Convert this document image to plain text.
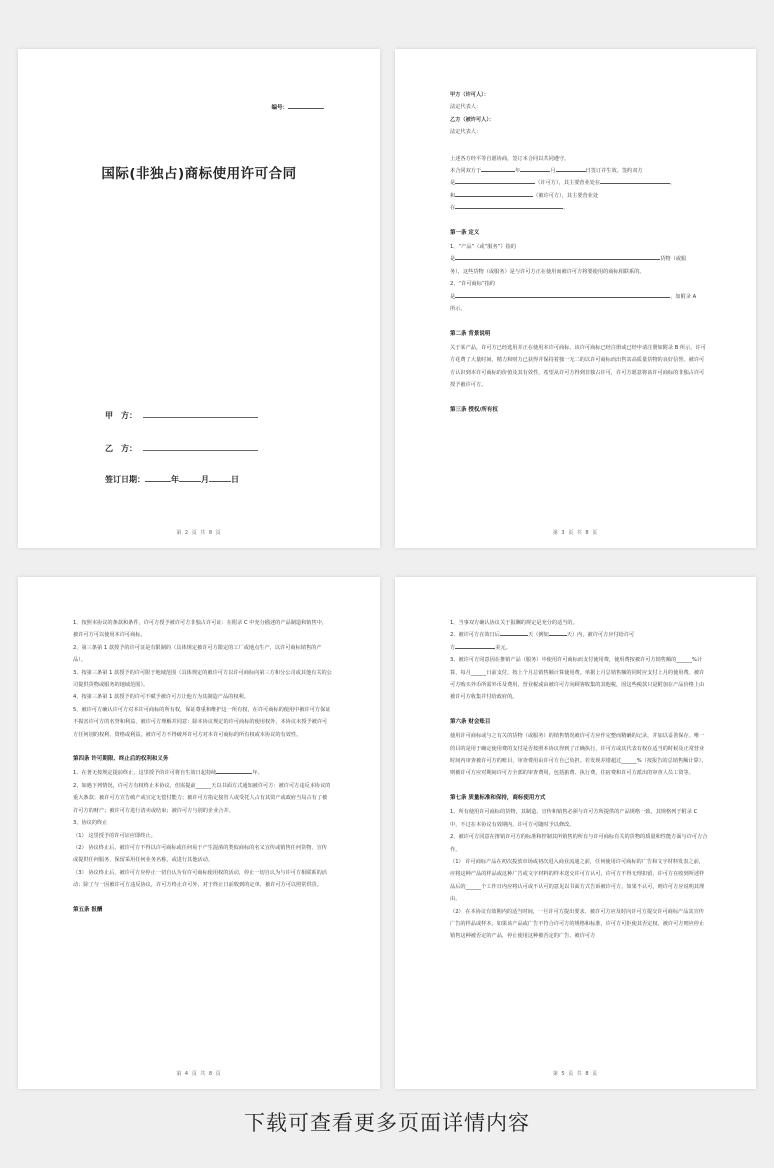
编号：
国际(非独占)商标使用许可合同
甲　方：
乙　方：
签订日期：	年	月	日
第 2 页 共 8 页

甲方（许可人）：

法定代表人：

乙方（被许可人）：

法定代表人：

上述各方经平等自愿协商，签订本合同以共同遵守。

本合同双方于	年	月	日签订并生效。签约双方

是	（许可方），其主要营业处在	。

和	（被许可方），其主要营业处

在	。

第一条 定义

1、“产品”（或“服务”）指的

是	货物（或服

务），这些货物（或服务）是与许可方正在使用而被许可方将要使用的商标相联系的。

2、“许可商标”指的

是	，如附录 A

所示。

第二条 背景说明

关于某产品，许可方已经选用并正在使用本许可商标，该许可商标已经注册或已经申请注册如附录 B 所示。许可方花费了大量时间、精力和财力已获得并保持着独一无二的以许可商标而出售其高质量货物的良好信誉。被许可方认识到本许可商标的价值及其有效性，希望从许可方得到非独占许可，许可方愿意将该许可商标的非独占许可授予被许可方。

第三条 授权/所有权
第 3 页 共 8 页

1、按照本协议的条款和条件，许可方授予被许可方非独占许可证：在附录 C 中充分描述的产品制造和销售中，被许可方可以使用本许可商标。

2、第三条第 1 款授予的许可证是有限制的（具体规定被许可方限定的工厂或地点生产，以许可商标销售的产品）。

3、按第三条第 1 款授予的许可限于地域范围（具体规定的被许可方以许可商标向第三方和分公司或其他有关的公司提供货物或服务的地域范围）。

4、按第三条第 1 款授予的许可不赋予被许可方让他方为其制造产品的权利。

5、被许可方确认许可方对本许可商标的所有权，保证尊重和维护这一所有权，在许可商标的使用中被许可方保证不损害许可方的名誉和利益，被许可方理解并同意：除本协议规定的许可商标的使用权外，本协议未授予被许可方任何别的权利、资格或利益，被许可方不得破坏许可方对本许可商标的所有权或本协议的有效性。

第四条 许可期限、终止后的权利和义务

1、在著无按规定提前终止，这里授予的许可将自生效日起持续	年。

2、如遇下列情况，许可方有权终止本协议，但需提前______天以书面方式通知被许可方：被许可方违反本协议的重大条款；被许可方宣告破产或宣定无偿付能力；被许可方指定接管人或受托人占有其资产或政府当局占有了被许可方的财产；被许可方进行清卖或结束；被许可方与别的企业合并。

3、协议的终止

（1） 这里授予的许可证应即终止。

（2） 协议终止后，被许可方不得以许可商标或任何易于产生混淆的类似商标的名义宣传或销售任何货物，宣传或提供任何服务，保留采用任何业务名称，或进行其他活动。

（3） 协议终止后，被许可方应停止一切自认为有许可商标使用权的活动，停止一切自认为与许可方相联系的活动；除了与一因被许可方违反协议，许可方终止许可外，对于终止日前收到的定单，被许可方可以照常供货。

第五条 报酬
第 4 页 共 8 页

1、当事双方确认协议关于报酬的规定是充分的适当的。

2、被许可方在效日后	天（例如	天）内，被许可方应付给许可

方	美元。

3、被许可方同意因在推销产品（服务）中使用许可商标而支付使用费，使用费按被许可方销售额的______%计算，每月______日前支付，按上个月总销售额计算使用费。单据上月总销售额的同时应支付上月的使用费。被许可方购买外币所需外币及费用，营业税或由被许可方向顾客收集的其他税，因这些税款只是附加在产品价格上由被许可方收集并付给政府的。

第六条 财会账目

使用许可商标或与之有关的货物（或服务）的销售情况被许可方应作完整而精确的记录，并加以妥善保存。唯一的目的是用于确定使用费的支付是否按照本协议得到了正确执行，许可方或其代表有权在适当的时候及正常营业时间内审查被许可方的账目，审查费用由许可方自己负担。若发现差错超过______%（按报告的总销售额计算），则被许可方应对期间许可方全部的审查费用，包括旅费、执行费、住宿费和许可方派出的审查人员工资等。

第七条 质量标准和保持，商标使用方式

1、所有使用许可商标的货物，其制造、宣传和销售必须与许可方所提供的产品规格一致，其规格列于附录 C 中，不过在本协议有效期内，许可方可随时予以修改。

2、被许可方同意在推销许可方的标准和控制其所销售的所有与许可商标有关的货物的质量和性能方面与许可方合作。

（1） 许可商标产品在初次投放市场或初次进入商业流通之前，任何使用许可商标的广告和文字材料发表之前，应将这种产品的样品或这种广告或文字材料的样本送交许可方认可，许可方不得无理扣留，许可方在收到所述样品后的______个工作日内应将认可或不认可的意见以书面方式告诉被许可方。如果不认可，则许可方应说明其理由。

（2） 在本协议有效期内的适当时间，一旦许可方提出要求，被许可方应及时向许可方提交许可商标产品其宣传广告的样品或样本，如果该产品或广告不符合许可方的规格和标准，许可方可拒使其否定权，被许可方则应停止销售这种被否定的产品，停止使用这种被否定的广告，被许可方

第 5 页 共 8 页
下载可查看更多页面详情内容
